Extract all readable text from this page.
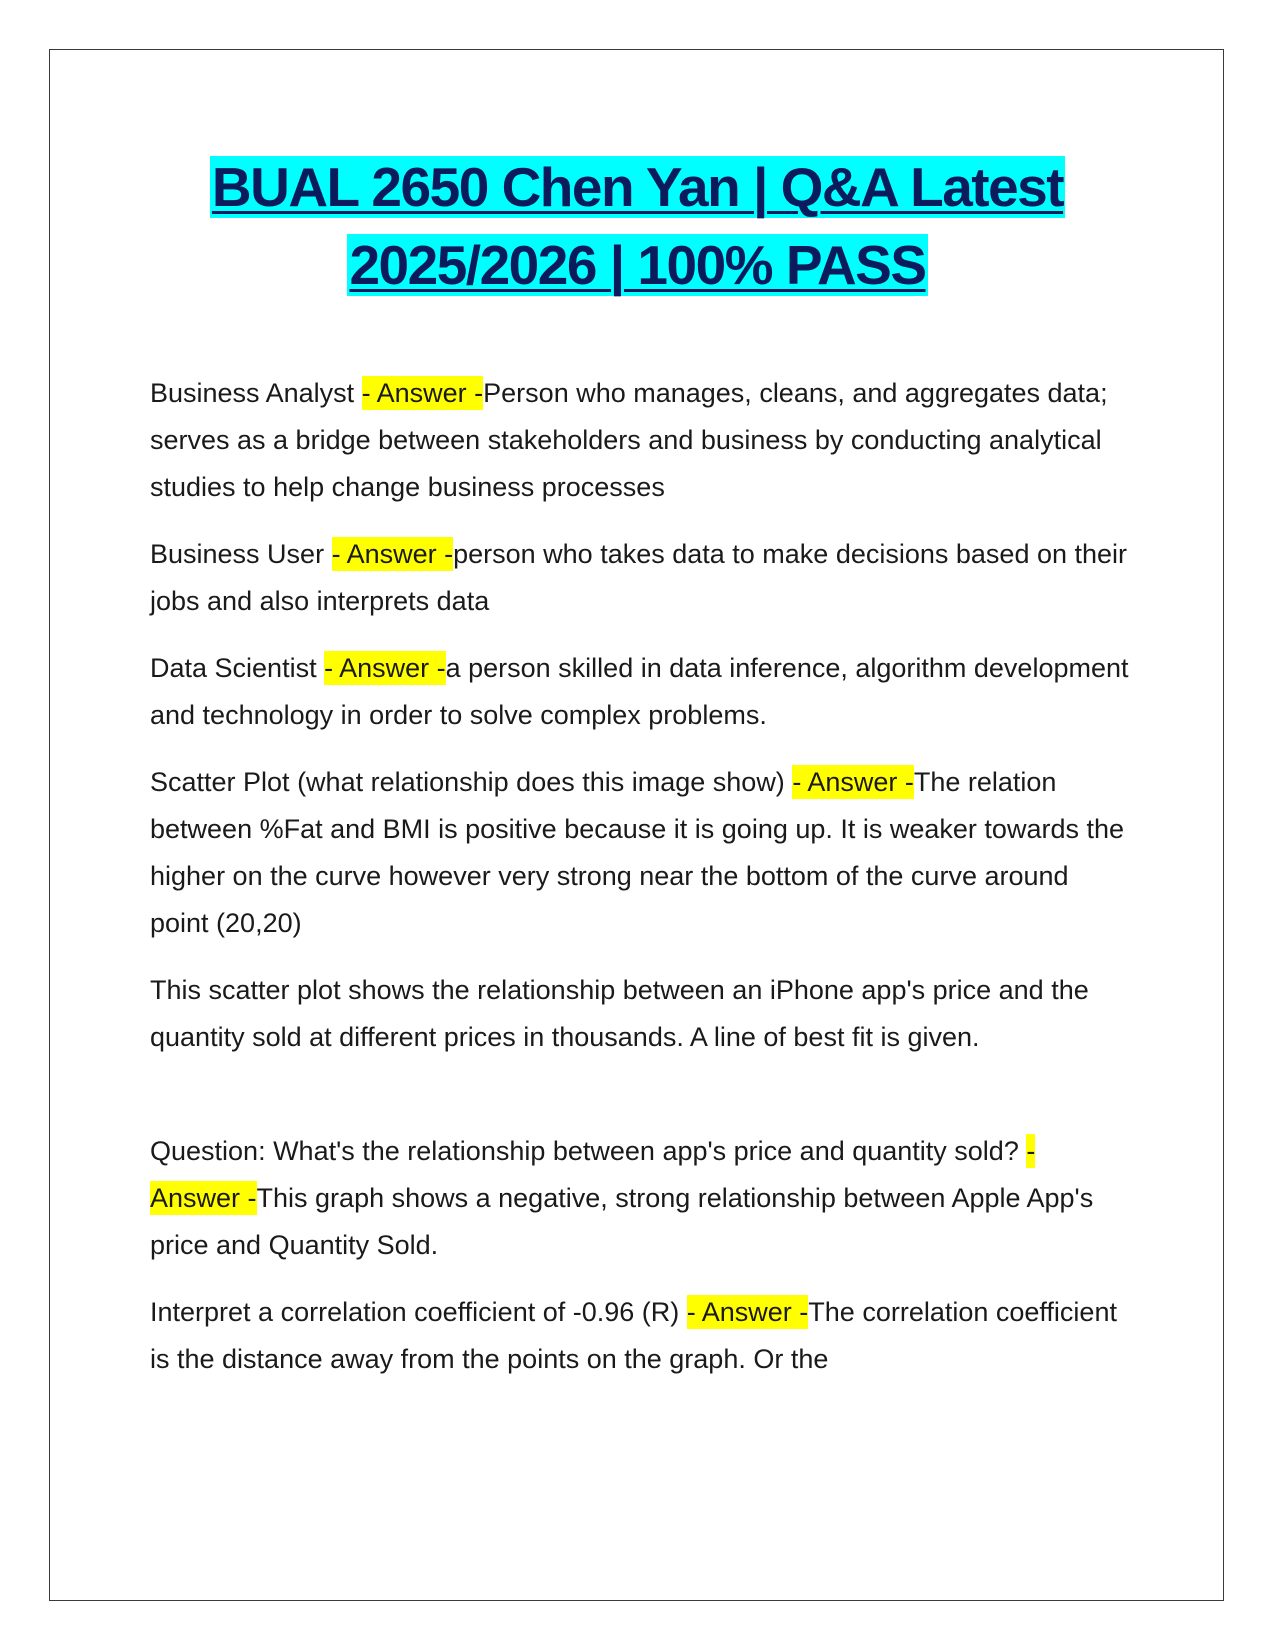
BUAL 2650 Chen Yan | Q&A Latest
2025/2026 | 100% PASS

Business Analyst - Answer -Person who manages, cleans, and aggregates data; serves as a bridge between stakeholders and business by conducting analytical studies to help change business processes

Business User - Answer -person who takes data to make decisions based on their jobs and also interprets data

Data Scientist - Answer -a person skilled in data inference, algorithm development and technology in order to solve complex problems.

Scatter Plot (what relationship does this image show) - Answer -The relation between %Fat and BMI is positive because it is going up. It is weaker towards the higher on the curve however very strong near the bottom of the curve around point (20,20)

This scatter plot shows the relationship between an iPhone app's price and the quantity sold at different prices in thousands. A line of best fit is given.

Question: What's the relationship between app's price and quantity sold? - Answer -This graph shows a negative, strong relationship between Apple App's price and Quantity Sold.

Interpret a correlation coefficient of -0.96 (R) - Answer -The correlation coefficient is the distance away from the points on the graph. Or the
